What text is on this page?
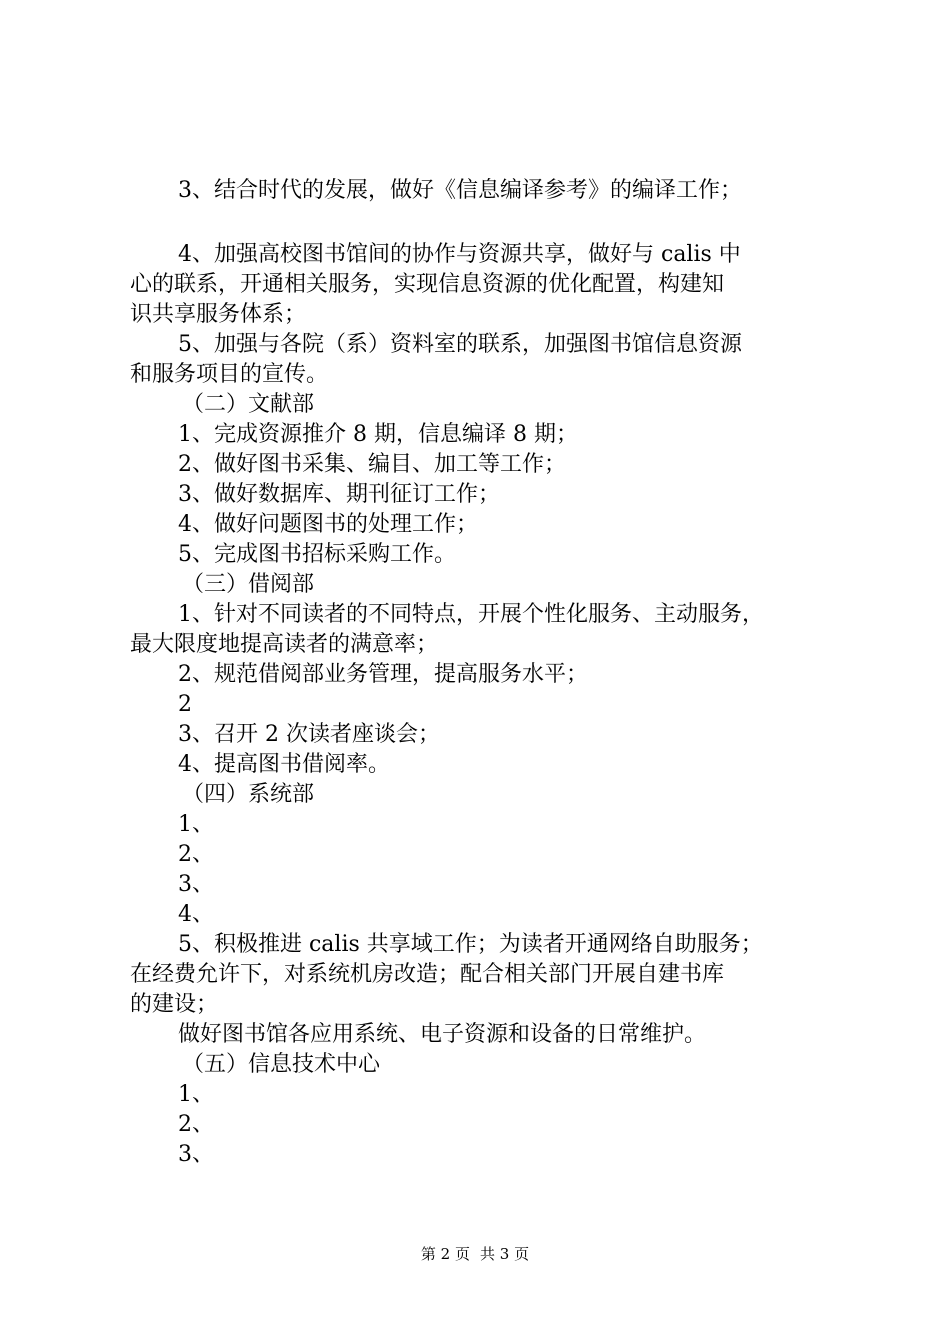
3、结合时代的发展，做好《信息编译参考》的编译工作；
4、加强高校图书馆间的协作与资源共享，做好与 calis 中
心的联系，开通相关服务，实现信息资源的优化配置，构建知
识共享服务体系；
5、加强与各院（系）资料室的联系，加强图书馆信息资源
和服务项目的宣传。
（二）文献部
1、完成资源推介 8 期，信息编译 8 期；
2、做好图书采集、编目、加工等工作；
3、做好数据库、期刊征订工作；
4、做好问题图书的处理工作；
5、完成图书招标采购工作。
（三）借阅部
1、针对不同读者的不同特点，开展个性化服务、主动服务，
最大限度地提高读者的满意率；
2、规范借阅部业务管理，提高服务水平；
2
3、召开 2 次读者座谈会；
4、提高图书借阅率。
（四）系统部
1、
2、
3、
4、
5、积极推进 calis 共享域工作；为读者开通网络自助服务；
在经费允许下，对系统机房改造；配合相关部门开展自建书库
的建设；
做好图书馆各应用系统、电子资源和设备的日常维护。
（五）信息技术中心
1、
2、
3、
第 2 页 共 3 页
